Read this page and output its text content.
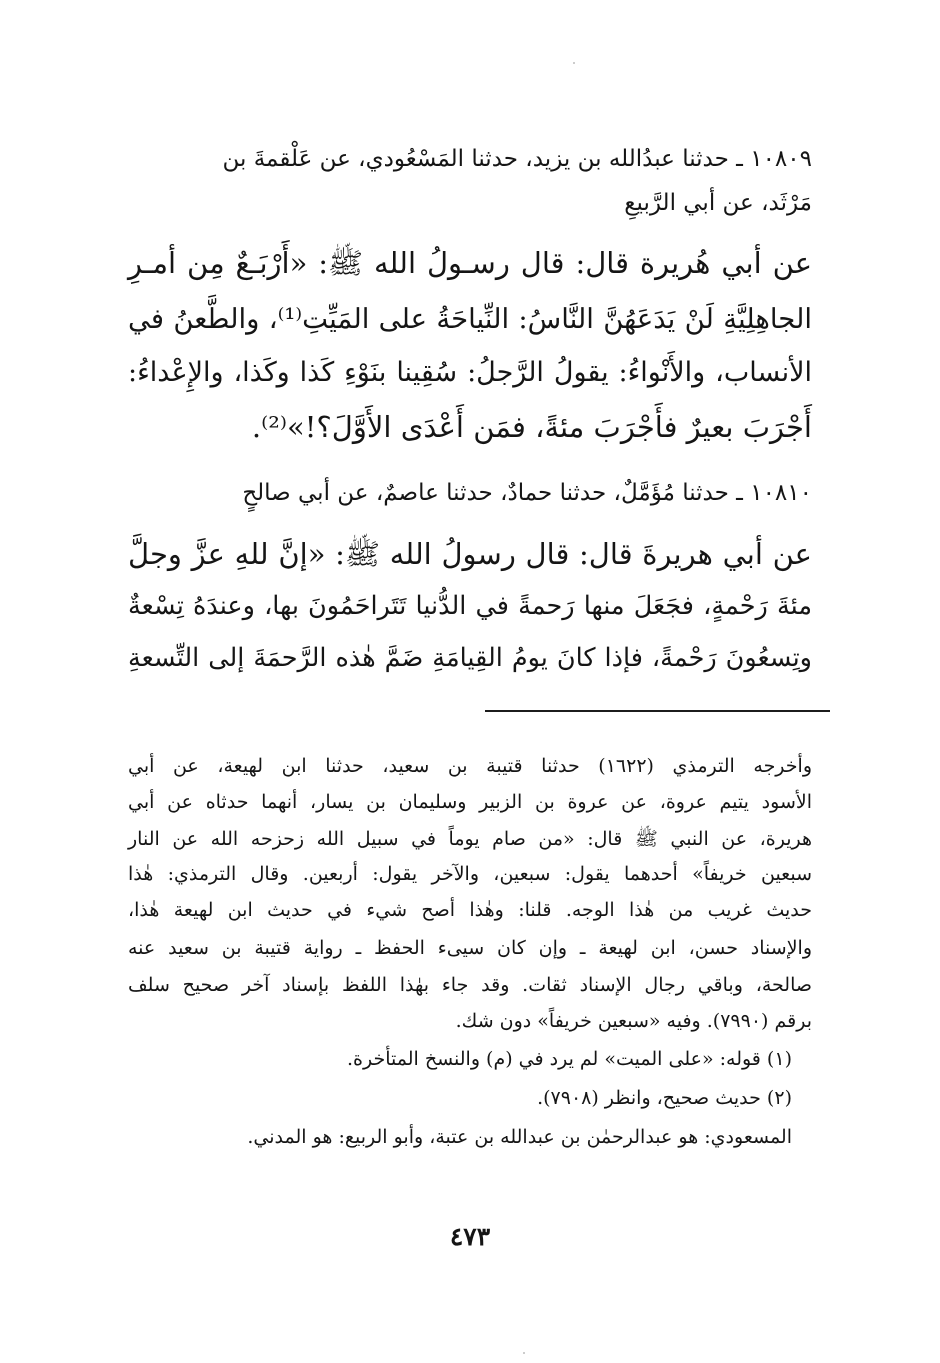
١٠٨٠٩ ـ حدثنا عبدُالله بن يزيد، حدثنا المَسْعُودي، عن عَلْقمةَ بن
مَرْثَد، عن أبي الرَّبيعِ
عن أبي هُريرة قال: قال رسـولُ الله ﷺ: «أَرْبَـعٌ مِن أمـرِ
الجاهِلِيَّةِ لَنْ يَدَعَهُنَّ النَّاسُ: النِّياحَةُ على المَيِّتِ⁽¹⁾، والطَّعنُ في
الأنساب، والأَنْواءُ: يقولُ الرَّجلُ: سُقِينا بنَوْءِ كَذا وكَذا، والإِعْداءُ:
أَجْرَبَ بعيرٌ فأَجْرَبَ مئةً، فمَن أَعْدَى الأَوَّلَ؟!»⁽²⁾.
١٠٨١٠ ـ حدثنا مُؤَمَّلٌ، حدثنا حمادٌ، حدثنا عاصمٌ، عن أبي صالحٍ
عن أبي هريرةَ قال: قال رسولُ الله ﷺ: «إنَّ للهِ عزَّ وجلَّ
مئةَ رَحْمةٍ، فجَعَلَ منها رَحمةً في الدُّنيا تَتَراحَمُونَ بها، وعندَهُ تِسْعةٌ
وتِسعُونَ رَحْمةً، فإذا كانَ يومُ القِيامَةِ ضَمَّ هٰذه الرَّحمَةَ إلى التِّسعةِ
وأخرجه الترمذي (١٦٢٢) حدثنا قتيبة بن سعيد، حدثنا ابن لهيعة، عن أبي
الأسود يتيم عروة، عن عروة بن الزبير وسليمان بن يسار، أنهما حدثاه عن أبي
هريرة، عن النبي ﷺ قال: «من صام يوماً في سبيل الله زحزحه الله عن النار
سبعين خريفاً» أحدهما يقول: سبعين، والآخر يقول: أربعين. وقال الترمذي: هٰذا
حديث غريب من هٰذا الوجه. قلنا: وهٰذا أصح شيء في حديث ابن لهيعة هٰذا،
والإسناد حسن، ابن لهيعة ـ وإن كان سيىء الحفظ ـ رواية قتيبة بن سعيد عنه
صالحة، وباقي رجال الإسناد ثقات. وقد جاء بهٰذا اللفظ بإسناد آخر صحيح سلف
برقم (٧٩٩٠). وفيه «سبعين خريفاً» دون شك.
(١) قوله: «على الميت» لم يرد في (م) والنسخ المتأخرة.
(٢) حديث صحيح، وانظر (٧٩٠٨).
المسعودي: هو عبدالرحمٰن بن عبدالله بن عتبة، وأبو الربيع: هو المدني.
٤٧٣
